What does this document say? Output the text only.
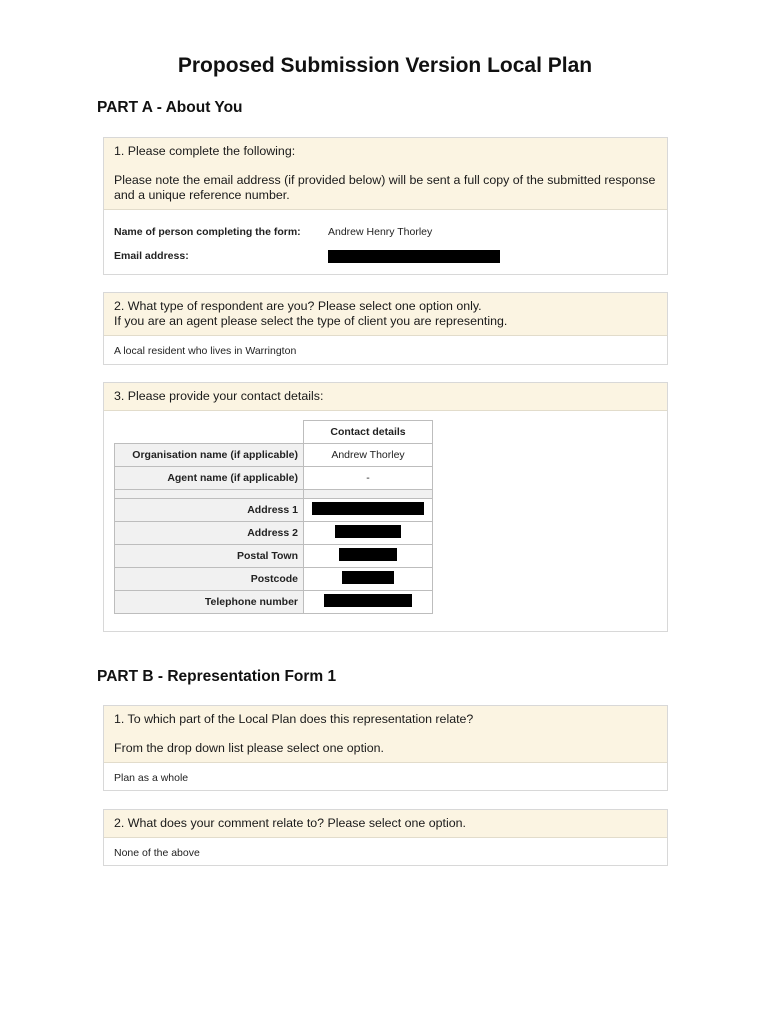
Proposed Submission Version Local Plan
PART A - About You

1. Please complete the following:

Please note the email address (if provided below) will be sent a full copy of the submitted response and a unique reference number.

Name of person completing the form:	Andrew Henry Thorley
Email address:

2. What type of respondent are you? Please select one option only.

If you are an agent please select the type of client you are representing.

A local resident who lives in Warrington

3. Please provide your contact details:

	Contact details
Organisation name (if applicable)	Andrew Thorley
Agent name (if applicable)	-

Address 1	
Address 2	
Postal Town	
Postcode	
Telephone number	
PART B - Representation Form 1

1. To which part of the Local Plan does this representation relate?

From the drop down list please select one option.

Plan as a whole

2. What does your comment relate to? Please select one option.

None of the above
